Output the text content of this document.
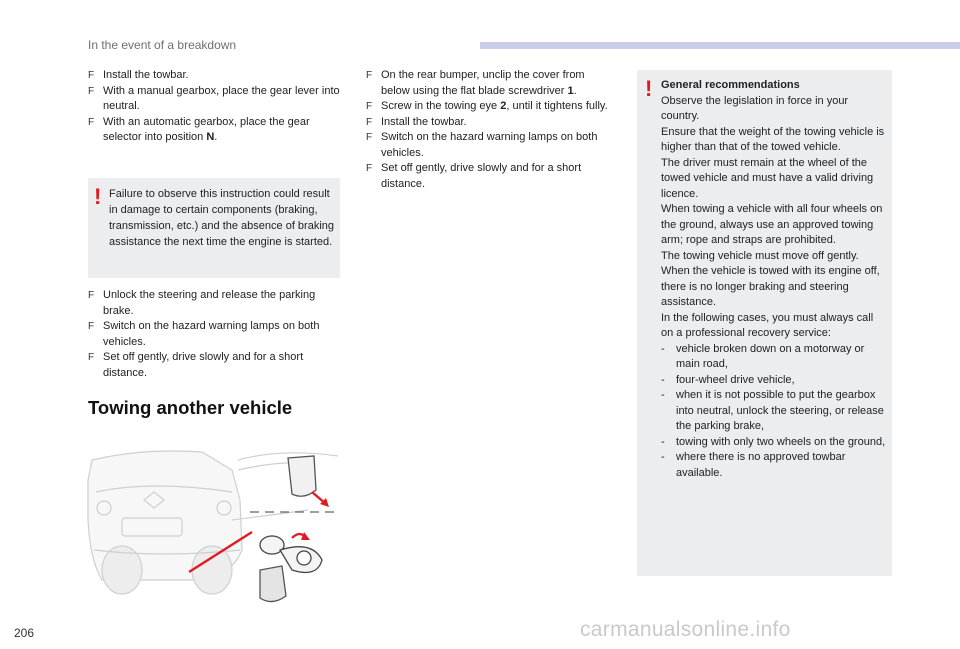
In the event of a breakdown
F Install the towbar.
F With a manual gearbox, place the gear lever into neutral.
F With an automatic gearbox, place the gear selector into position N.
! Failure to observe this instruction could result in damage to certain components (braking, transmission, etc.) and the absence of braking assistance the next time the engine is started.
F Unlock the steering and release the parking brake.
F Switch on the hazard warning lamps on both vehicles.
F Set off gently, drive slowly and for a short distance.
Towing another vehicle
F On the rear bumper, unclip the cover from below using the flat blade screwdriver 1.
F Screw in the towing eye 2, until it tightens fully.
F Install the towbar.
F Switch on the hazard warning lamps on both vehicles.
F Set off gently, drive slowly and for a short distance.
! General recommendations
Observe the legislation in force in your country.
Ensure that the weight of the towing vehicle is higher than that of the towed vehicle.
The driver must remain at the wheel of the towed vehicle and must have a valid driving licence.
When towing a vehicle with all four wheels on the ground, always use an approved towing arm; rope and straps are prohibited.
The towing vehicle must move off gently.
When the vehicle is towed with its engine off, there is no longer braking and steering assistance.
In the following cases, you must always call on a professional recovery service:
- vehicle broken down on a motorway or main road,
- four-wheel drive vehicle,
- when it is not possible to put the gearbox into neutral, unlock the steering, or release the parking brake,
- towing with only two wheels on the ground,
- where there is no approved towbar available.
206	carmanualsonline.info
